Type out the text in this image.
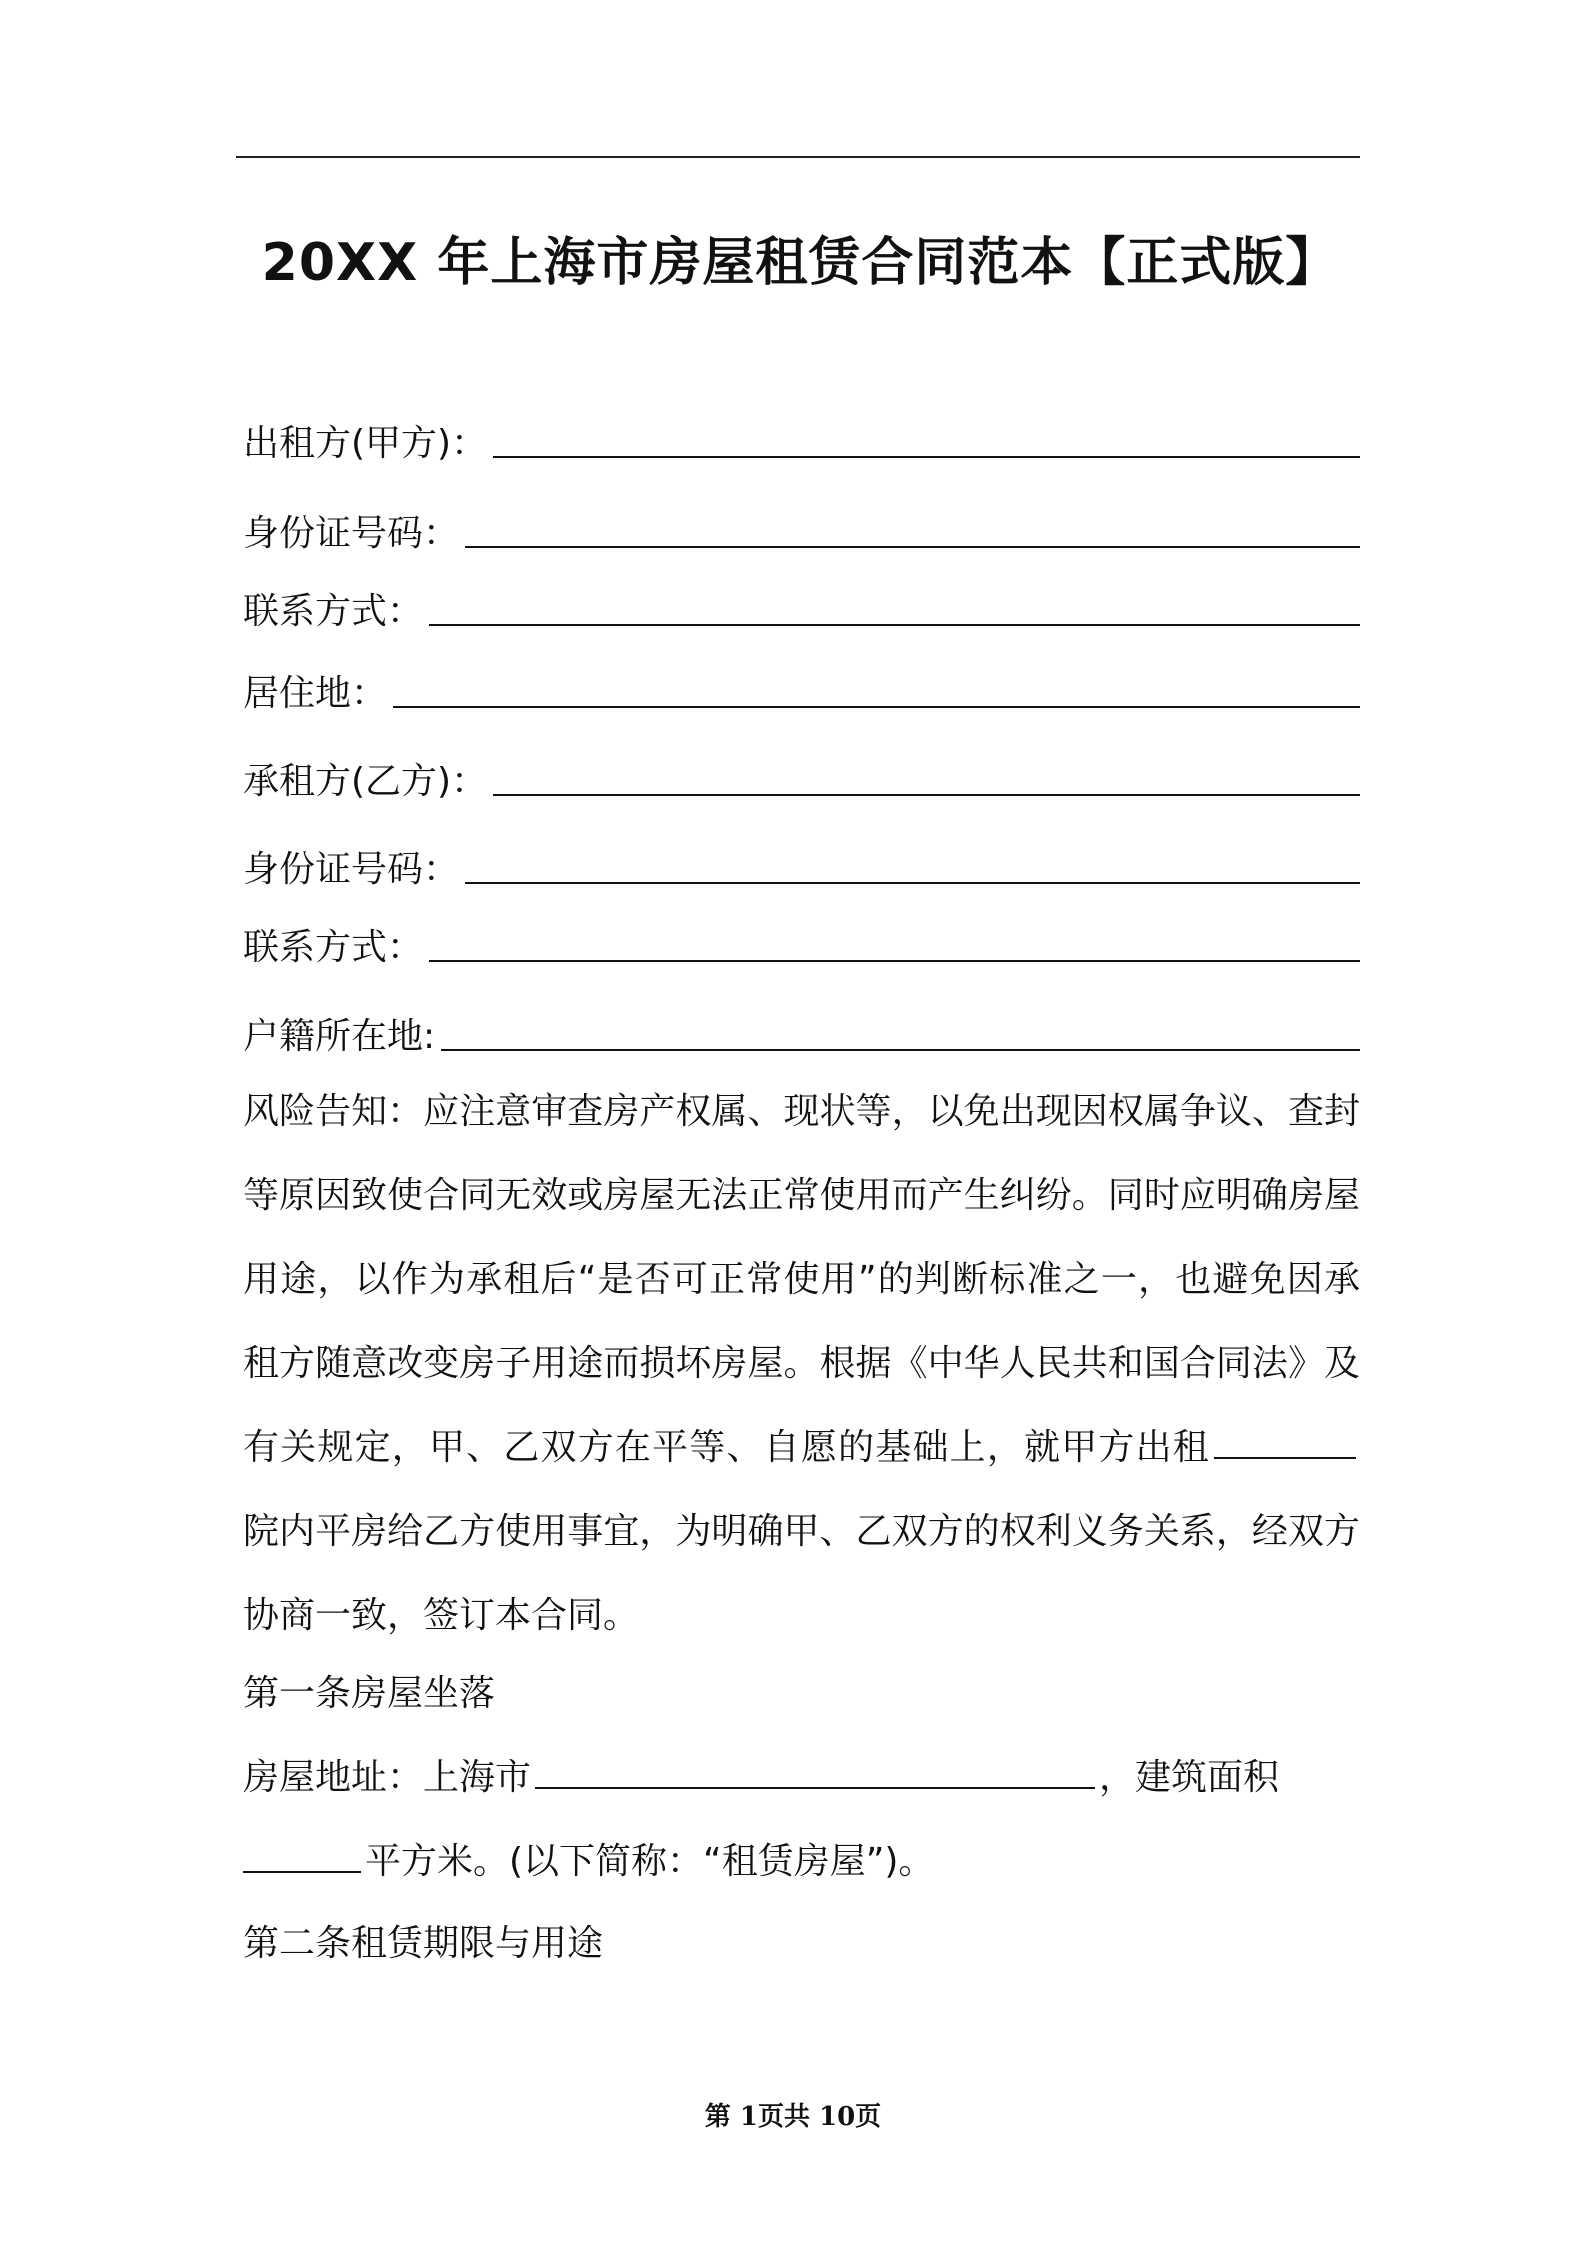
20XX 年上海市房屋租赁合同范本【正式版】
出租方(甲方)：
身份证号码：
联系方式：
居住地：
承租方(乙方)：
身份证号码：
联系方式：
户籍所在地:
风险告知：应注意审查房产权属、现状等，以免出现因权属争议、查封等原因致使合同无效或房屋无法正常使用而产生纠纷。同时应明确房屋用途，以作为承租后“是否可正常使用”的判断标准之一，也避免因承租方随意改变房子用途而损坏房屋。根据《中华人民共和国合同法》及有关规定，甲、乙双方在平等、自愿的基础上，就甲方出租院内平房给乙方使用事宜，为明确甲、乙双方的权利义务关系，经双方协商一致，签订本合同。
第一条房屋坐落
房屋地址：上海市	，建筑面积
平方米。(以下简称：“租赁房屋”)。
第二条租赁期限与用途
第 1页共 10页
